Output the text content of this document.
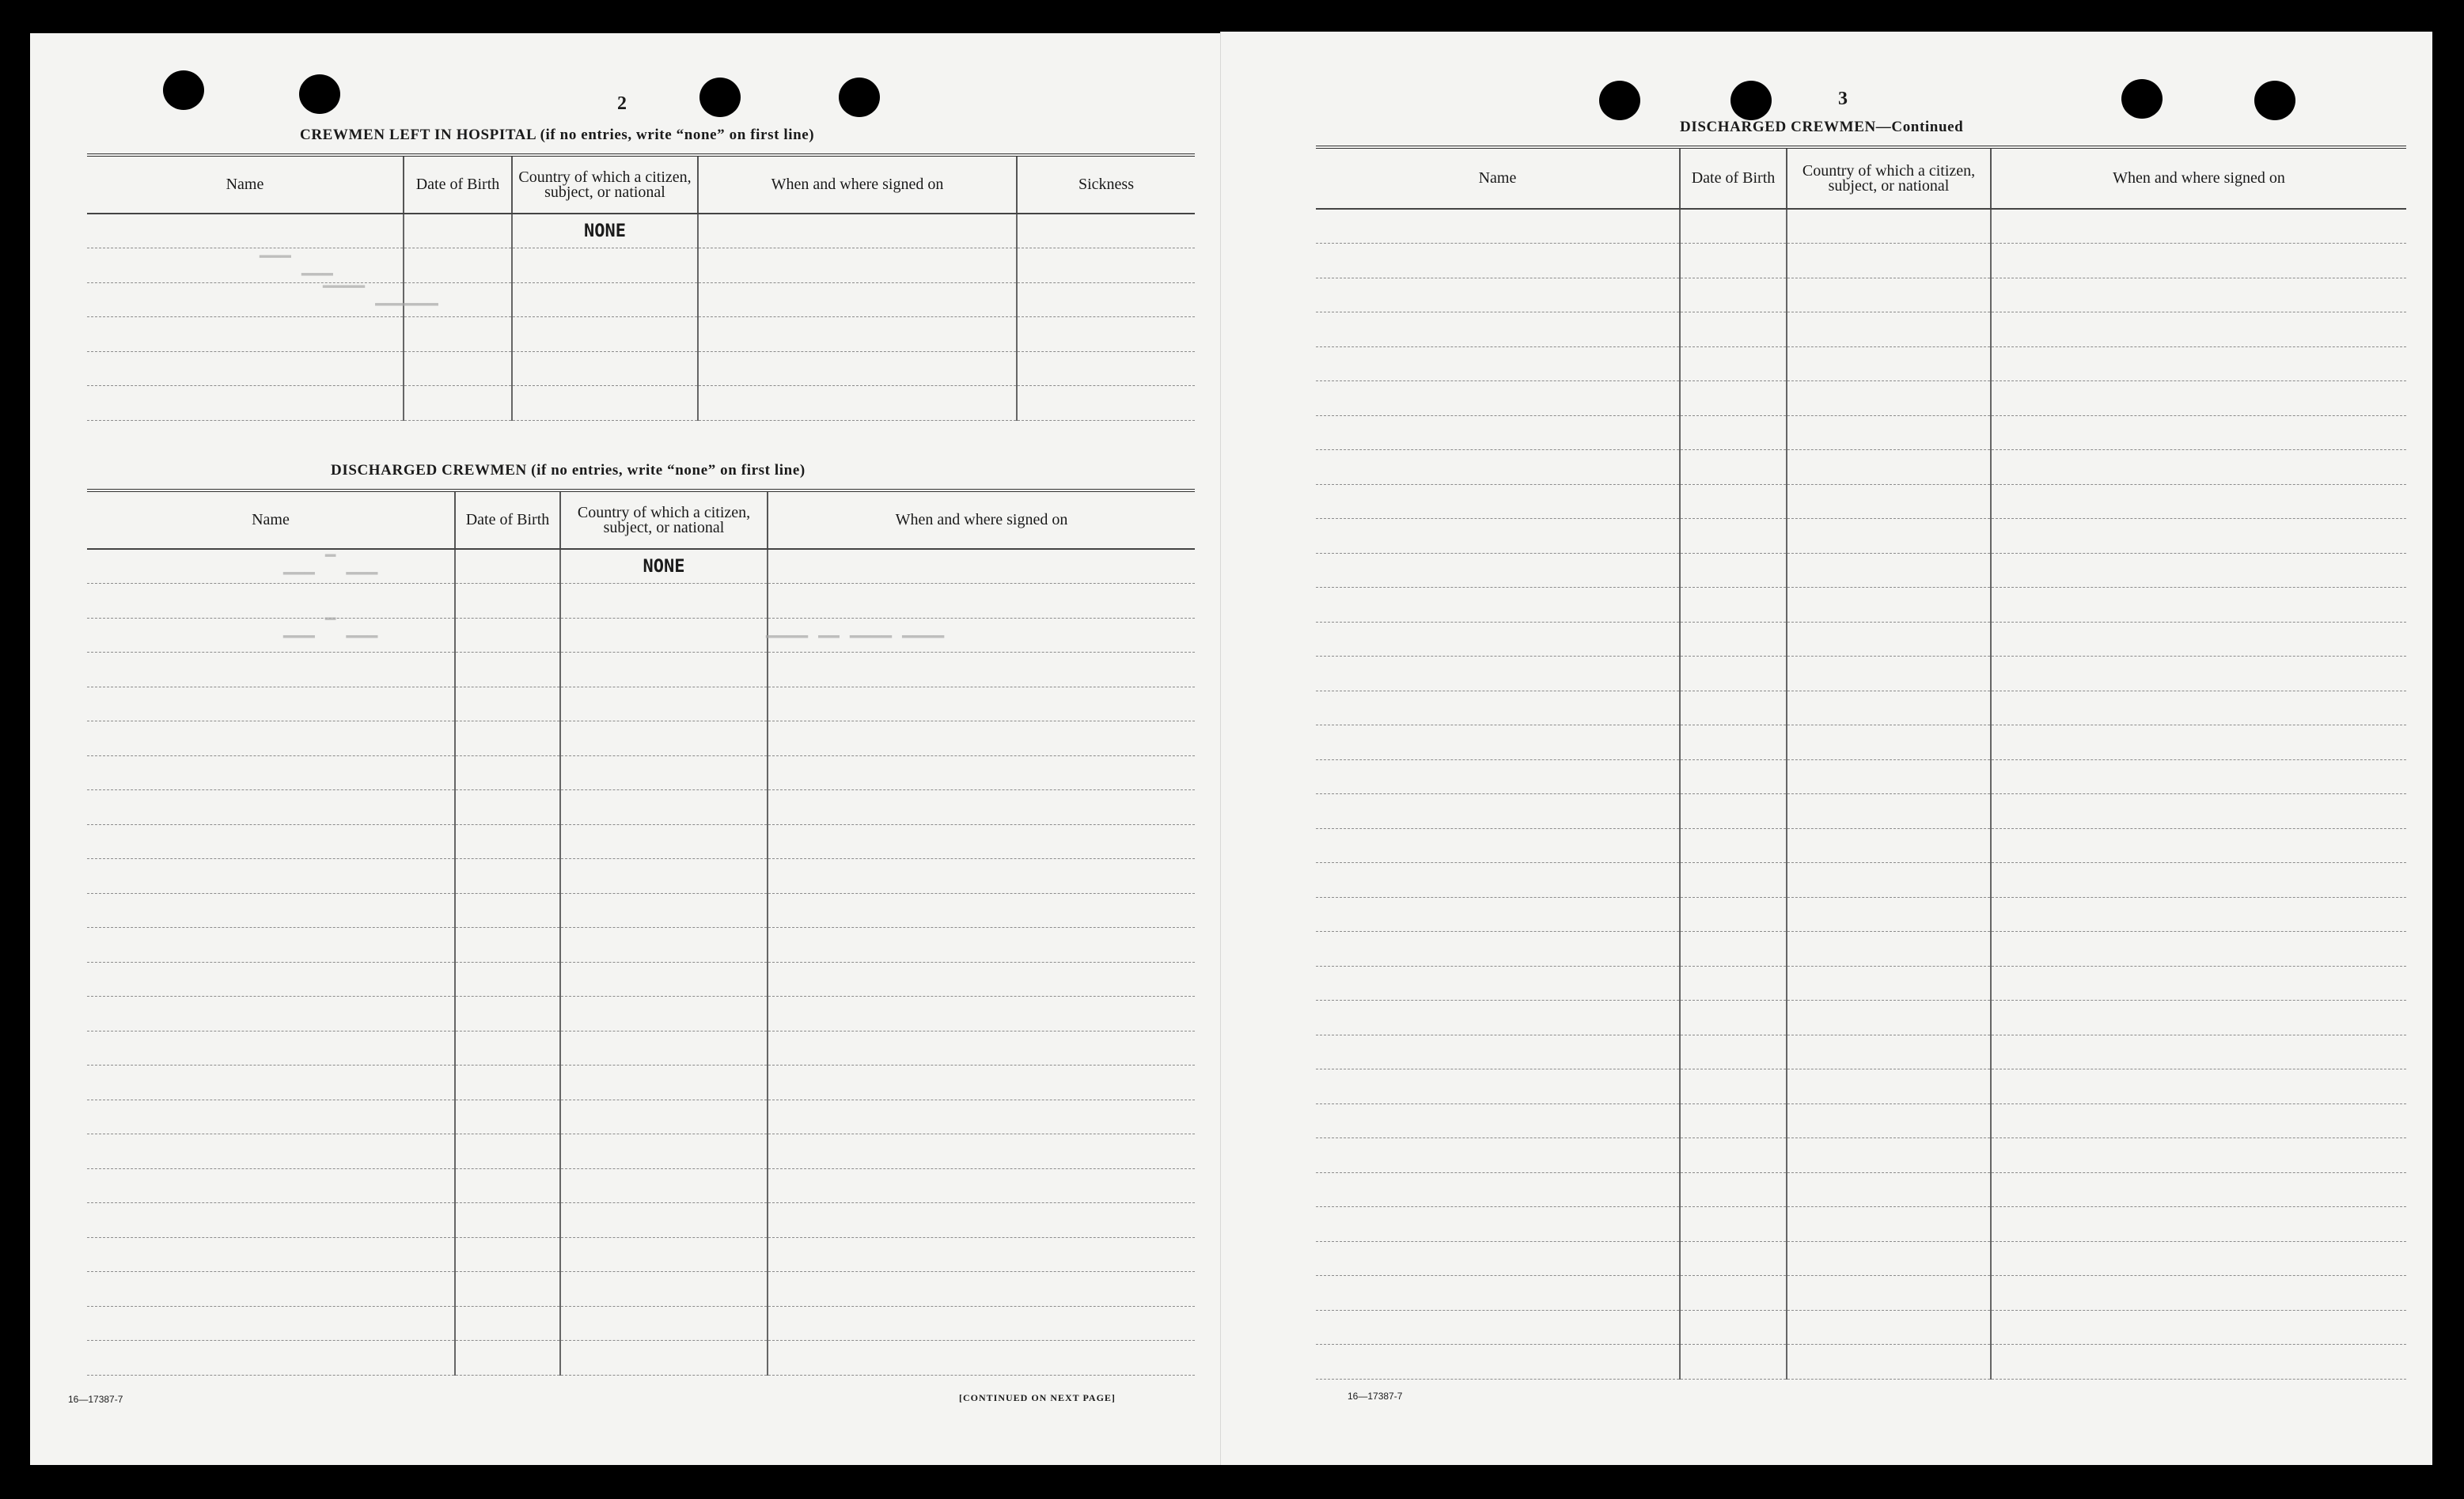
2
CREWMEN LEFT IN HOSPITAL (if no entries, write “none” on first line)
Name	Date of Birth	Country of which a citizen, subject, or national	When and where signed on	Sickness
		NONE		

DISCHARGED CREWMEN (if no entries, write “none” on first line)
Name	Date of Birth	Country of which a citizen, subject, or national	When and where signed on
		NONE	

▁▁▁ ▔▔▔
▁▁▁▁▁▁ ▔▔▔▔
▁▁▁ ▔ ▁▁▁
▁▁▁ ▔ ▁▁▁	▁▁▁▁ ▁▁▁▁ ▁▁ ▁▁▁▁
16—17387-7	[CONTINUED ON NEXT PAGE]
3
DISCHARGED CREWMEN—Continued
Name	Date of Birth	Country of which a citizen, subject, or national	When and where signed on

16—17387-7
